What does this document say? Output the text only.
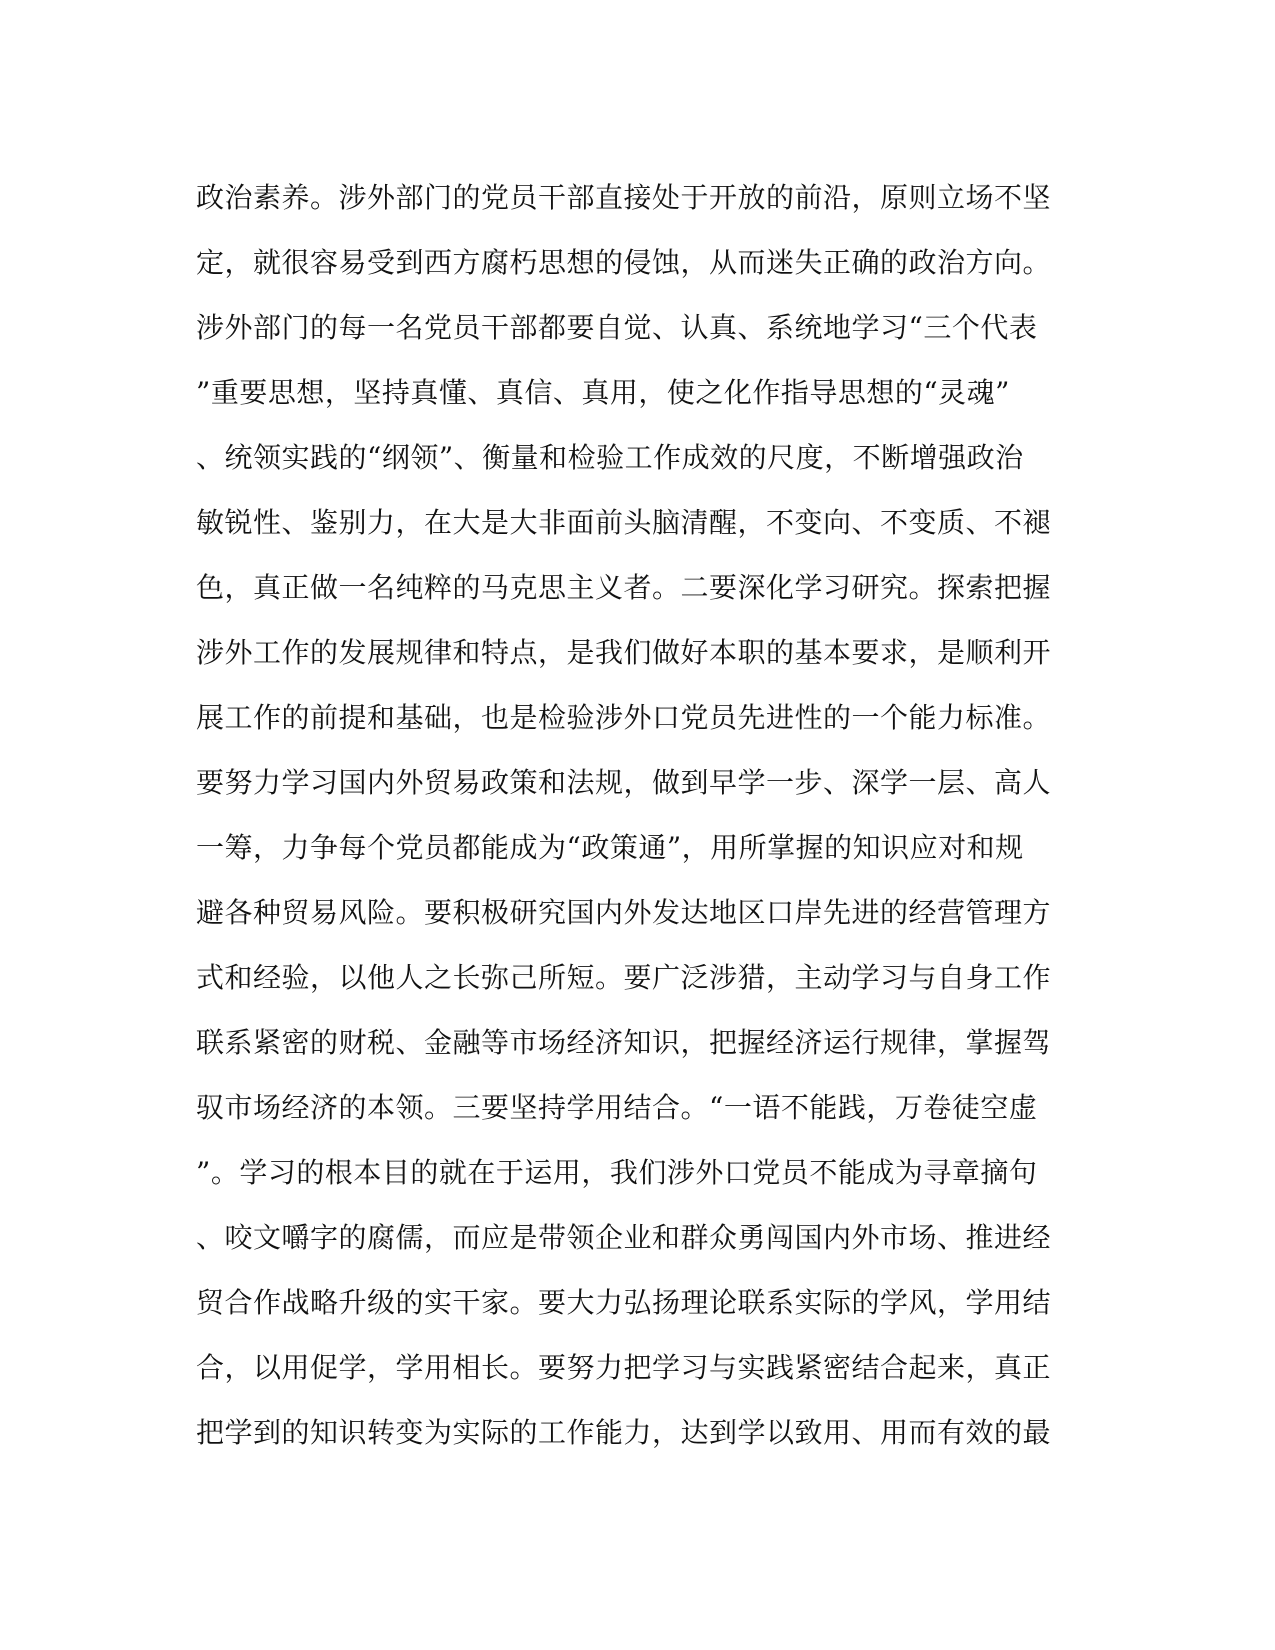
政治素养。涉外部门的党员干部直接处于开放的前沿，原则立场不坚
定，就很容易受到西方腐朽思想的侵蚀，从而迷失正确的政治方向。
涉外部门的每一名党员干部都要自觉、认真、系统地学习“三个代表
”重要思想，坚持真懂、真信、真用，使之化作指导思想的“灵魂”
、统领实践的“纲领”、衡量和检验工作成效的尺度，不断增强政治
敏锐性、鉴别力，在大是大非面前头脑清醒，不变向、不变质、不褪
色，真正做一名纯粹的马克思主义者。二要深化学习研究。探索把握
涉外工作的发展规律和特点，是我们做好本职的基本要求，是顺利开
展工作的前提和基础，也是检验涉外口党员先进性的一个能力标准。
要努力学习国内外贸易政策和法规，做到早学一步、深学一层、高人
一筹，力争每个党员都能成为“政策通”，用所掌握的知识应对和规
避各种贸易风险。要积极研究国内外发达地区口岸先进的经营管理方
式和经验，以他人之长弥己所短。要广泛涉猎，主动学习与自身工作
联系紧密的财税、金融等市场经济知识，把握经济运行规律，掌握驾
驭市场经济的本领。三要坚持学用结合。“一语不能践，万卷徒空虚
”。学习的根本目的就在于运用，我们涉外口党员不能成为寻章摘句
、咬文嚼字的腐儒，而应是带领企业和群众勇闯国内外市场、推进经
贸合作战略升级的实干家。要大力弘扬理论联系实际的学风，学用结
合，以用促学，学用相长。要努力把学习与实践紧密结合起来，真正
把学到的知识转变为实际的工作能力，达到学以致用、用而有效的最
